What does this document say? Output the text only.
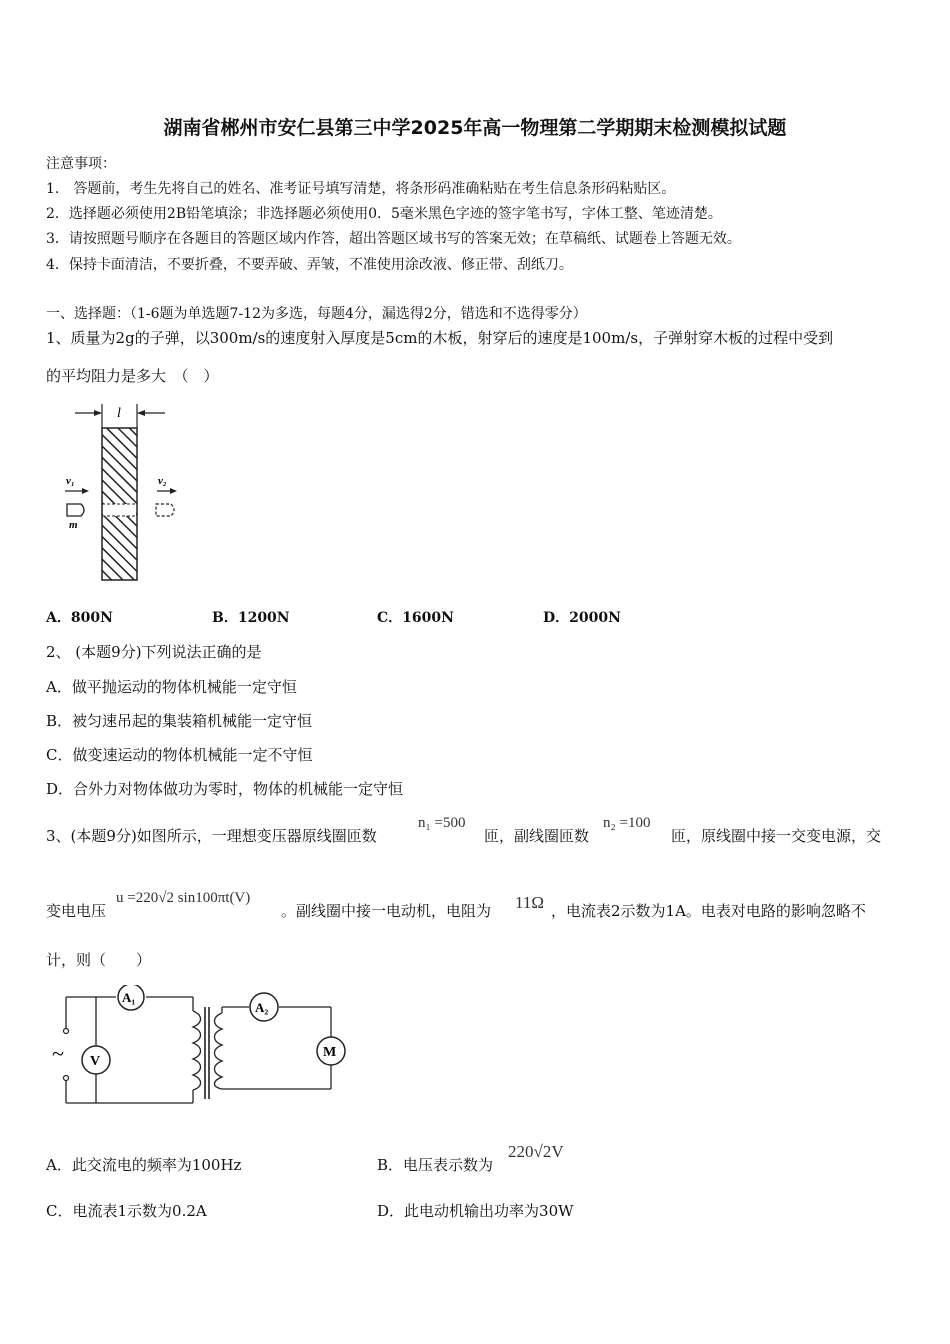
湖南省郴州市安仁县第三中学2025年高一物理第二学期期末检测模拟试题
注意事项：
1.　答题前，考生先将自己的姓名、准考证号填写清楚，将条形码准确粘贴在考生信息条形码粘贴区。
2．选择题必须使用2B铅笔填涂；非选择题必须使用0．5毫米黑色字迹的签字笔书写，字体工整、笔迹清楚。
3．请按照题号顺序在各题目的答题区域内作答，超出答题区域书写的答案无效；在草稿纸、试题卷上答题无效。
4．保持卡面清洁，不要折叠，不要弄破、弄皱，不准使用涂改液、修正带、刮纸刀。
一、选择题：（1-6题为单选题7-12为多选，每题4分，漏选得2分，错选和不选得零分）
1、质量为2g的子弹，以300m/s的速度射入厚度是5cm的木板，射穿后的速度是100m/s，子弹射穿木板的过程中受到
的平均阻力是多大　（　）
l
v₁
m
v₂
A．800N	B．1200N	C．1600N	D．2000N
2、 (本题9分)下列说法正确的是
A．做平抛运动的物体机械能一定守恒
B．被匀速吊起的集装箱机械能一定守恒
C．做变速运动的物体机械能一定不守恒
D．合外力对物体做功为零时，物体的机械能一定守恒
3、(本题9分)如图所示，一理想变压器原线圈匝数
n₁ =500
匝，副线圈匝数
n₂ =100
匝，原线圈中接一交变电源，交
变电电压
u =220√2 sin100πt(V)
。副线圈中接一电动机，电阻为 11Ω ，电流表2示数为1A。电表对电路的影响忽略不
计，则（　　）
~
A₁
V
A₂
M
A．此交流电的频率为100Hz	B．电压表示数为
220√2V
C．电流表1示数为0.2A	D．此电动机输出功率为30W
